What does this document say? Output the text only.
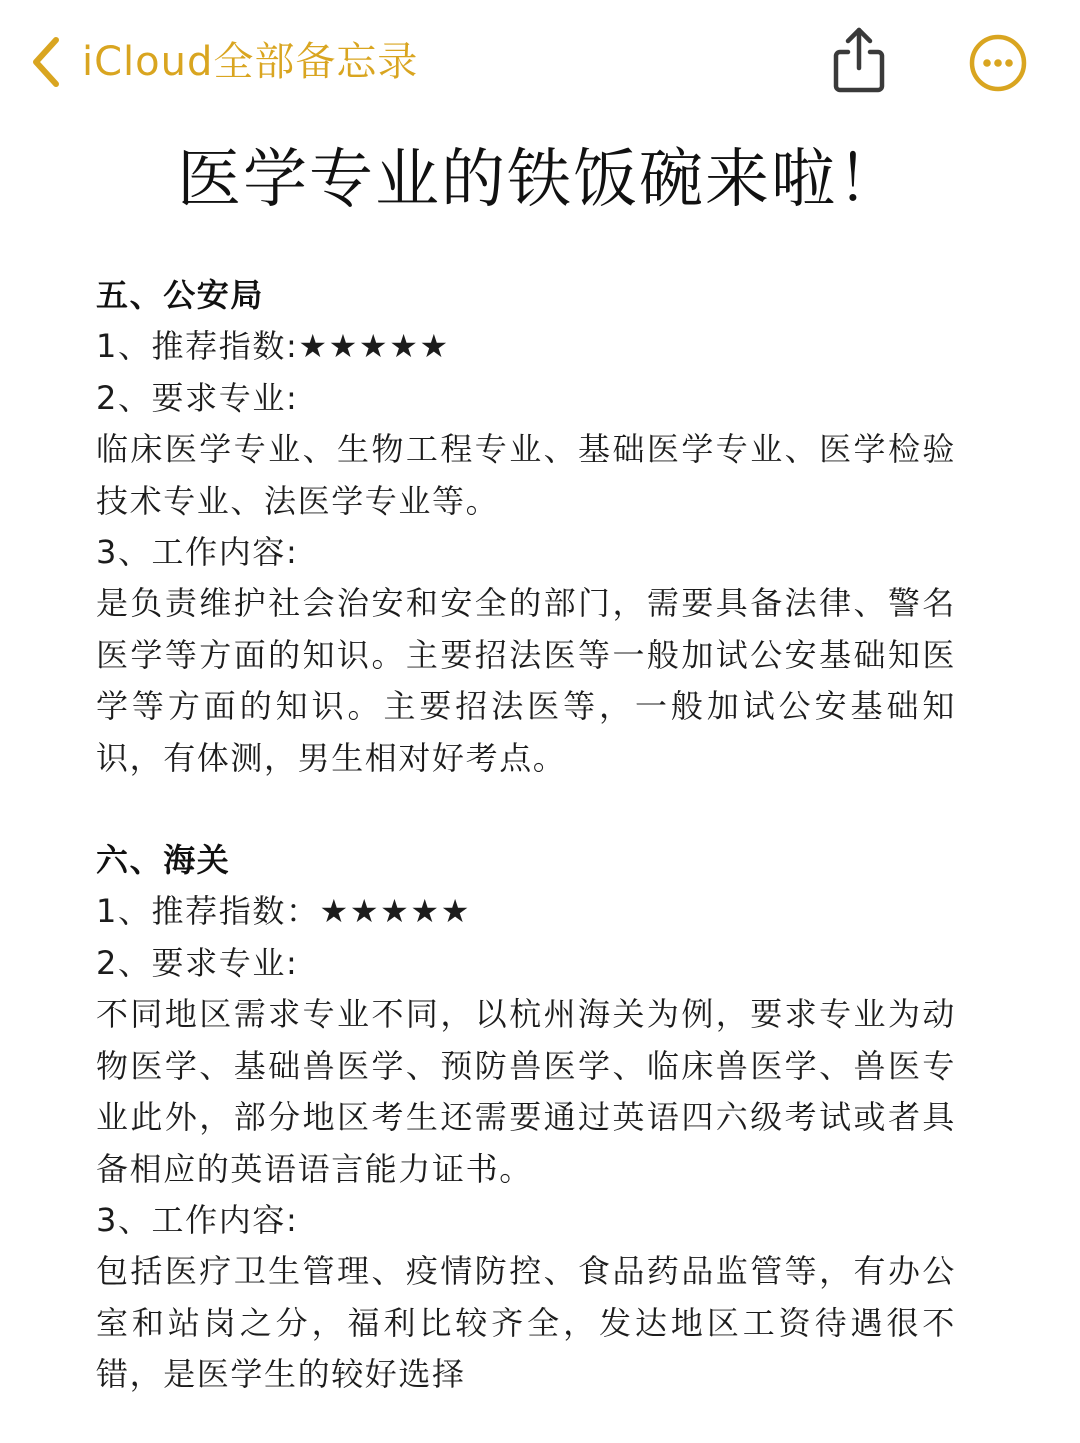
iCloud全部备忘录
医学专业的铁饭碗来啦！
五、公安局
1、推荐指数:★★★★★
2、要求专业:
临床医学专业、生物工程专业、基础医学专业、医学检验技术专业、法医学专业等。
3、工作内容:
是负责维护社会治安和安全的部门，需要具备法律、警名医学等方面的知识。主要招法医等一般加试公安基础知医学等方面的知识。主要招法医等，一般加试公安基础知识，有体测，男生相对好考点。
六、海关
1、推荐指数：★★★★★
2、要求专业:
不同地区需求专业不同，以杭州海关为例，要求专业为动物医学、基础兽医学、预防兽医学、临床兽医学、兽医专业此外，部分地区考生还需要通过英语四六级考试或者具备相应的英语语言能力证书。
3、工作内容:
包括医疗卫生管理、疫情防控、食品药品监管等，有办公室和站岗之分，福利比较齐全，发达地区工资待遇很不错，是医学生的较好选择
